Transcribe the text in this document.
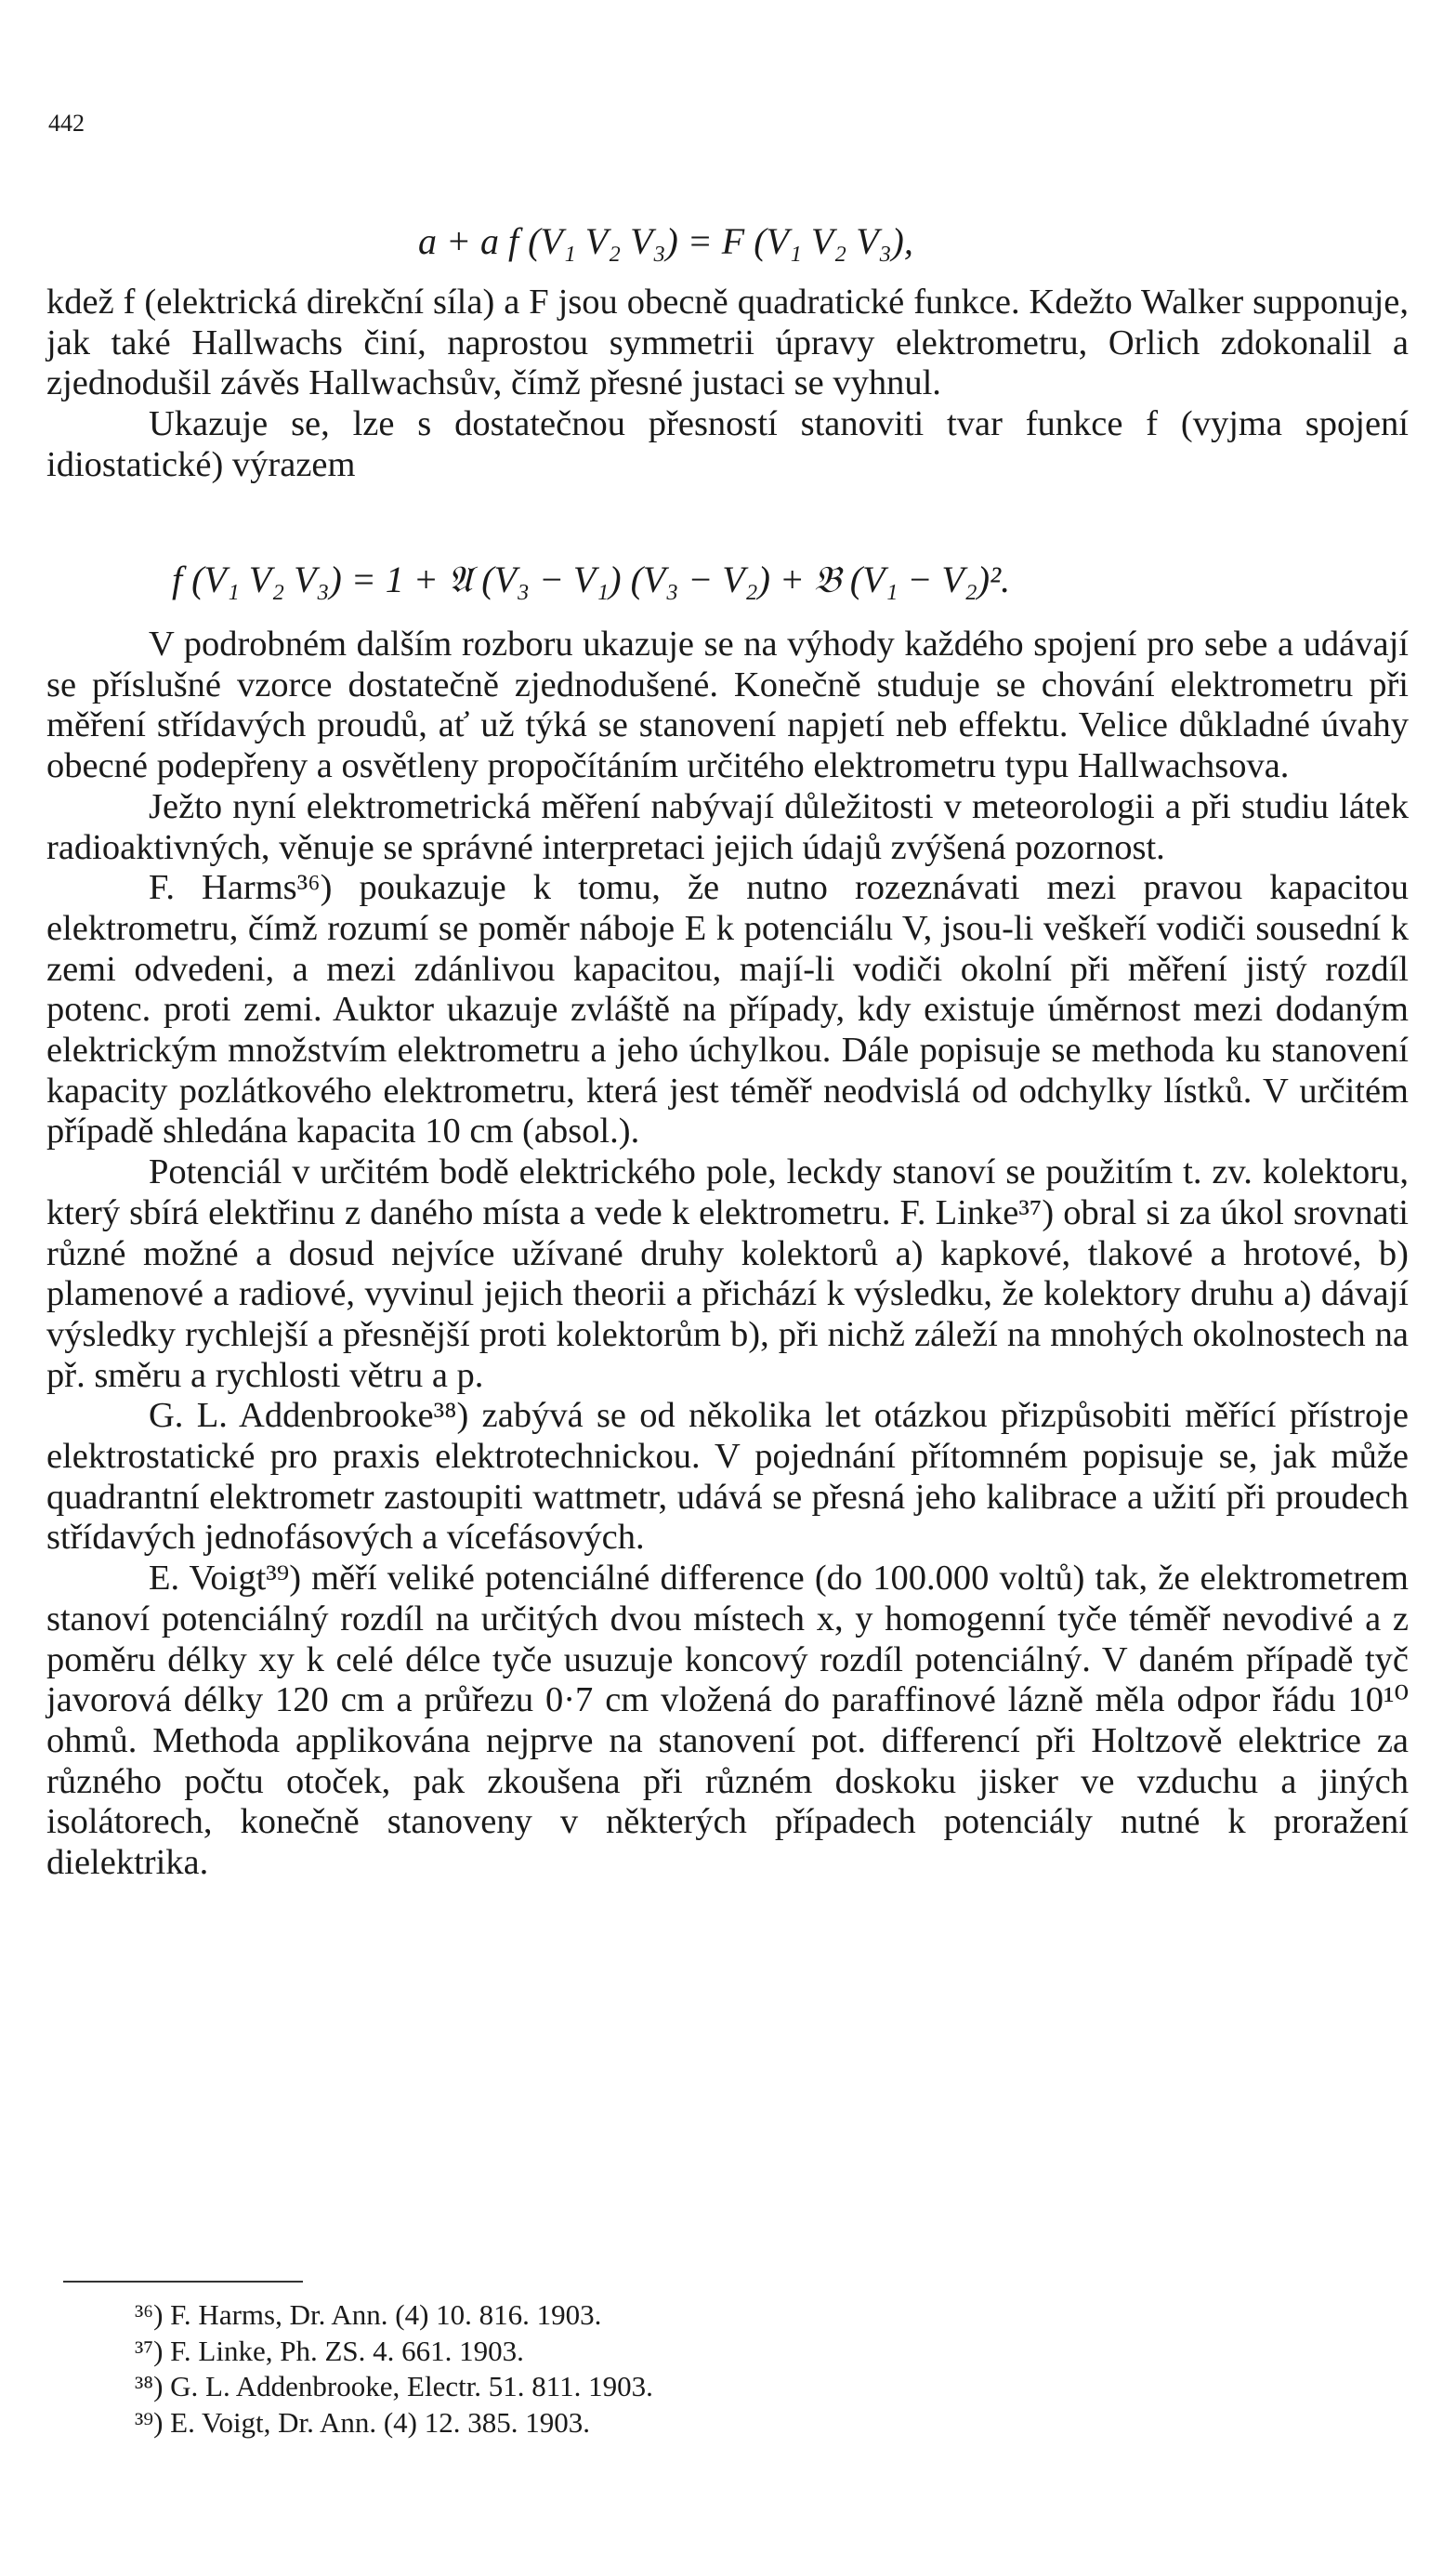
442
a + a f (V₁ V₂ V₃) = F (V₁ V₂ V₃),

kdež f (elektrická direkční síla) a F jsou obecně quadratické funkce. Kdežto Walker supponuje, jak také Hallwachs činí, naprostou symmetrii úpravy elektrometru, Orlich zdokonalil a zjednodušil závěs Hallwachsův, čímž přesné justaci se vyhnul.

Ukazuje se, lze s dostatečnou přesností stanoviti tvar funkce f (vyjma spojení idiostatické) výrazem

f (V₁ V₂ V₃) = 1 + 𝔄 (V₃ − V₁) (V₃ − V₂) + 𝔅 (V₁ − V₂)².

V podrobném dalším rozboru ukazuje se na výhody každého spojení pro sebe a udávají se příslušné vzorce dostatečně zjednodušené. Konečně studuje se chování elektrometru při měření střídavých proudů, ať už týká se stanovení napjetí neb effektu. Velice důkladné úvahy obecné podepřeny a osvětleny propočítáním určitého elektrometru typu Hallwachsova.

Ježto nyní elektrometrická měření nabývají důležitosti v meteorologii a při studiu látek radioaktivných, věnuje se správné interpretaci jejich údajů zvýšená pozornost.

F. Harms³⁶) poukazuje k tomu, že nutno rozeznávati mezi pravou kapacitou elektrometru, čímž rozumí se poměr náboje E k potenciálu V, jsou-li veškeří vodiči sousední k zemi odvedeni, a mezi zdánlivou kapacitou, mají-li vodiči okolní při měření jistý rozdíl potenc. proti zemi. Auktor ukazuje zvláště na případy, kdy existuje úměrnost mezi dodaným elektrickým množstvím elektrometru a jeho úchylkou. Dále popisuje se methoda ku stanovení kapacity pozlátkového elektrometru, která jest téměř neodvislá od odchylky lístků. V určitém případě shledána kapacita 10 cm (absol.).

Potenciál v určitém bodě elektrického pole, leckdy stanoví se použitím t. zv. kolektoru, který sbírá elektřinu z daného místa a vede k elektrometru. F. Linke³⁷) obral si za úkol srovnati různé možné a dosud nejvíce užívané druhy kolektorů a) kapkové, tlakové a hrotové, b) plamenové a radiové, vyvinul jejich theorii a přichází k výsledku, že kolektory druhu a) dávají výsledky rychlejší a přesnější proti kolektorům b), při nichž záleží na mnohých okolnostech na př. směru a rychlosti větru a p.

G. L. Addenbrooke³⁸) zabývá se od několika let otázkou přizpůsobiti měřící přístroje elektrostatické pro praxis elektrotechnickou. V pojednání přítomném popisuje se, jak může quadrantní elektrometr zastoupiti wattmetr, udává se přesná jeho kalibrace a užití při proudech střídavých jednofásových a vícefásových.

E. Voigt³⁹) měří veliké potenciálné differencе (do 100.000 voltů) tak, že elektrometrem stanoví potenciálný rozdíl na určitých dvou místech x, y homogenní tyče téměř nevodivé a z poměru délky xy k celé délce tyče usuzuje koncový rozdíl potenciálný. V daném případě tyč javorová délky 120 cm a průřezu 0·7 cm vložená do paraffinové lázně měla odpor řádu 10¹⁰ ohmů. Methoda applikována nejprve na stanovení pot. differencí při Holtzově elektrice za různého počtu otoček, pak zkoušena při různém doskoku jisker ve vzduchu a jiných isolátorech, konečně stanoveny v některých případech potenciály nutné k proražení dielektrika.

³⁶) F. Harms, Dr. Ann. (4) 10. 816. 1903.

³⁷) F. Linke, Ph. ZS. 4. 661. 1903.

³⁸) G. L. Addenbrooke, Electr. 51. 811. 1903.

³⁹) E. Voigt, Dr. Ann. (4) 12. 385. 1903.
